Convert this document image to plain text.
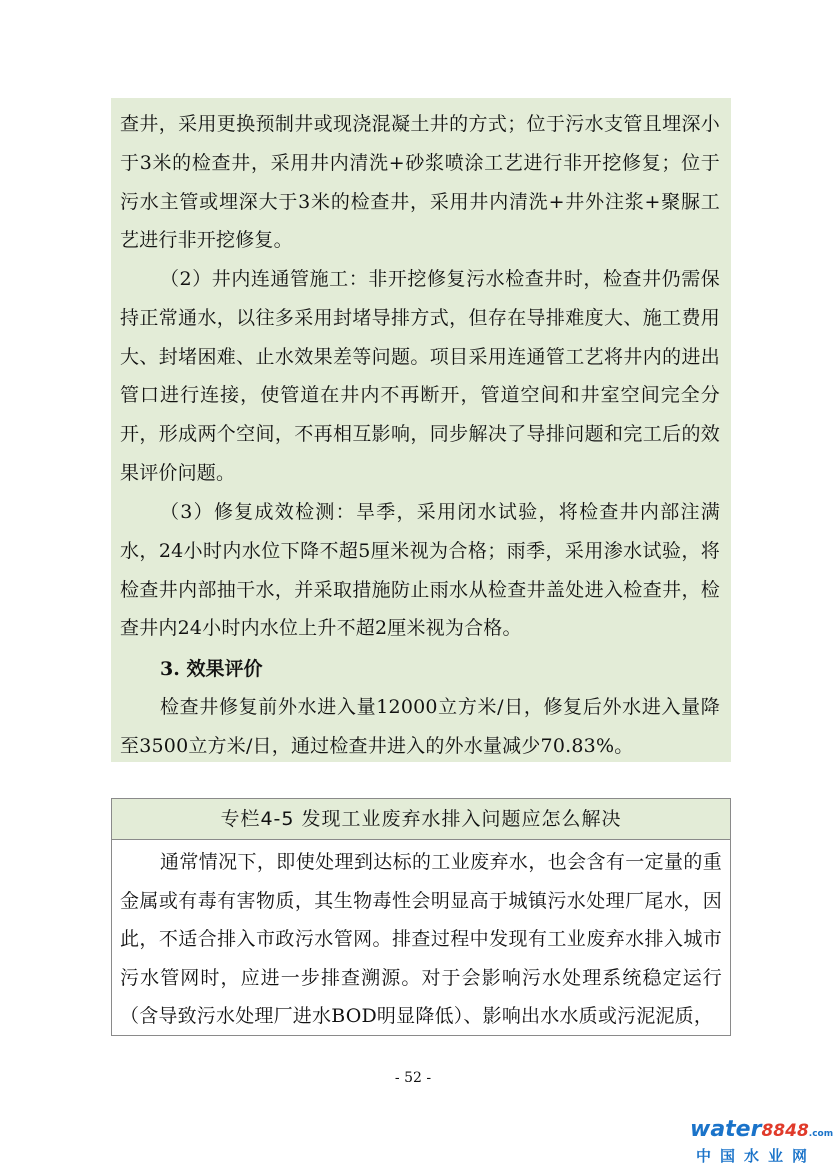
查井，采用更换预制井或现浇混凝土井的方式；位于污水支管且埋深小于3米的检查井，采用井内清洗+砂浆喷涂工艺进行非开挖修复；位于污水主管或埋深大于3米的检查井，采用井内清洗+井外注浆+聚脲工艺进行非开挖修复。

（2）井内连通管施工：非开挖修复污水检查井时，检查井仍需保持正常通水，以往多采用封堵导排方式，但存在导排难度大、施工费用大、封堵困难、止水效果差等问题。项目采用连通管工艺将井内的进出管口进行连接，使管道在井内不再断开，管道空间和井室空间完全分开，形成两个空间，不再相互影响，同步解决了导排问题和完工后的效果评价问题。

（3）修复成效检测：旱季，采用闭水试验，将检查井内部注满水，24小时内水位下降不超5厘米视为合格；雨季，采用渗水试验，将检查井内部抽干水，并采取措施防止雨水从检查井盖处进入检查井，检查井内24小时内水位上升不超2厘米视为合格。

3. 效果评价

检查井修复前外水进入量12000立方米/日，修复后外水进入量降至3500立方米/日，通过检查井进入的外水量减少70.83%。

专栏4-5 发现工业废弃水排入问题应怎么解决

通常情况下，即使处理到达标的工业废弃水，也会含有一定量的重金属或有毒有害物质，其生物毒性会明显高于城镇污水处理厂尾水，因此，不适合排入市政污水管网。排查过程中发现有工业废弃水排入城市污水管网时，应进一步排查溯源。对于会影响污水处理系统稳定运行（含导致污水处理厂进水BOD明显降低）、影响出水水质或污泥泥质，

- 52 -
water8848.com
中国水业网
